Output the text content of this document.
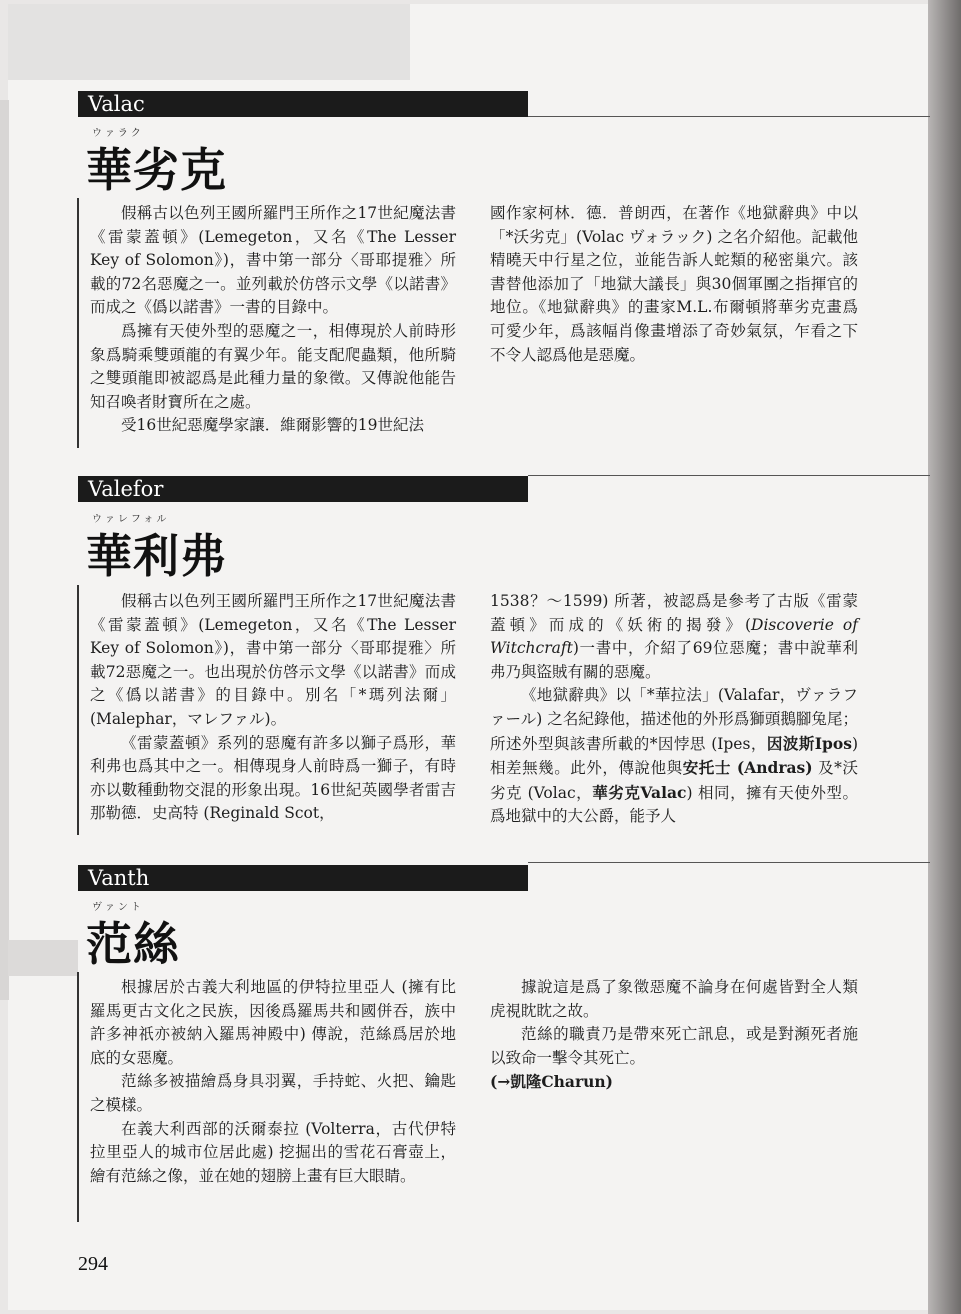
Valac
ウァラク
華劣克

假稱古以色列王國所羅門王所作之17世紀魔法書《雷蒙蓋頓》(Lemegeton，又名《The Lesser Key of Solomon》)，書中第一部分〈哥耶提雅〉所載的72名惡魔之一。並列載於仿啓示文學《以諾書》而成之《僞以諾書》一書的目錄中。

爲擁有天使外型的惡魔之一，相傳現於人前時形象爲騎乘雙頭龍的有翼少年。能支配爬蟲類，他所騎之雙頭龍即被認爲是此種力量的象徵。又傳說他能告知召喚者財寶所在之處。

受16世紀惡魔學家讓．維爾影響的19世紀法

國作家柯林．德．普朗西，在著作《地獄辭典》中以「*沃劣克」(Volac ヴォラック) 之名介紹他。記載他精曉天中行星之位，並能告訴人蛇類的秘密巢穴。該書替他添加了「地獄大議長」與30個軍團之指揮官的地位。《地獄辭典》的畫家M.L.布爾頓將華劣克畫爲可愛少年，爲該幅肖像畫增添了奇妙氣氛，乍看之下不令人認爲他是惡魔。

Valefor
ウァレフォル
華利弗

假稱古以色列王國所羅門王所作之17世紀魔法書《雷蒙蓋頓》(Lemegeton，又名《The Lesser Key of Solomon》)，書中第一部分〈哥耶提雅〉所載72惡魔之一。也出現於仿啓示文學《以諾書》而成之《僞以諾書》的目錄中。別名「*瑪列法爾」(Malephar，マレファル)。

《雷蒙蓋頓》系列的惡魔有許多以獅子爲形，華利弗也爲其中之一。相傳現身人前時爲一獅子，有時亦以數種動物交混的形象出現。16世紀英國學者雷吉那勒德．史高特 (Reginald Scot，

1538？～1599) 所著，被認爲是參考了古版《雷蒙蓋頓》而成的《妖術的揭發》(Discoverie of Witchcraft)一書中，介紹了69位惡魔；書中說華利弗乃與盜賊有關的惡魔。

《地獄辭典》以「*華拉法」(Valafar，ヴァラファール) 之名紀錄他，描述他的外形爲獅頭鵝腳兔尾；所述外型與該書所載的*因悖思 (Ipes，因波斯Ipos) 相差無幾。此外，傳說他與安托士 (Andras) 及*沃劣克 (Volac，華劣克Valac) 相同，擁有天使外型。爲地獄中的大公爵，能予人

Vanth
ヴァント
范絲

根據居於古義大利地區的伊特拉里亞人 (擁有比羅馬更古文化之民族，因後爲羅馬共和國併吞，族中許多神祇亦被納入羅馬神殿中) 傳說，范絲爲居於地底的女惡魔。

范絲多被描繪爲身具羽翼，手持蛇、火把、鑰匙之模樣。

在義大利西部的沃爾泰拉 (Volterra，古代伊特拉里亞人的城市位居此處) 挖掘出的雪花石膏壺上，繪有范絲之像，並在她的翅膀上畫有巨大眼睛。

據說這是爲了象徵惡魔不論身在何處皆對全人類虎視眈眈之故。

范絲的職責乃是帶來死亡訊息，或是對瀕死者施以致命一擊令其死亡。

(→凱隆Charun)

294
